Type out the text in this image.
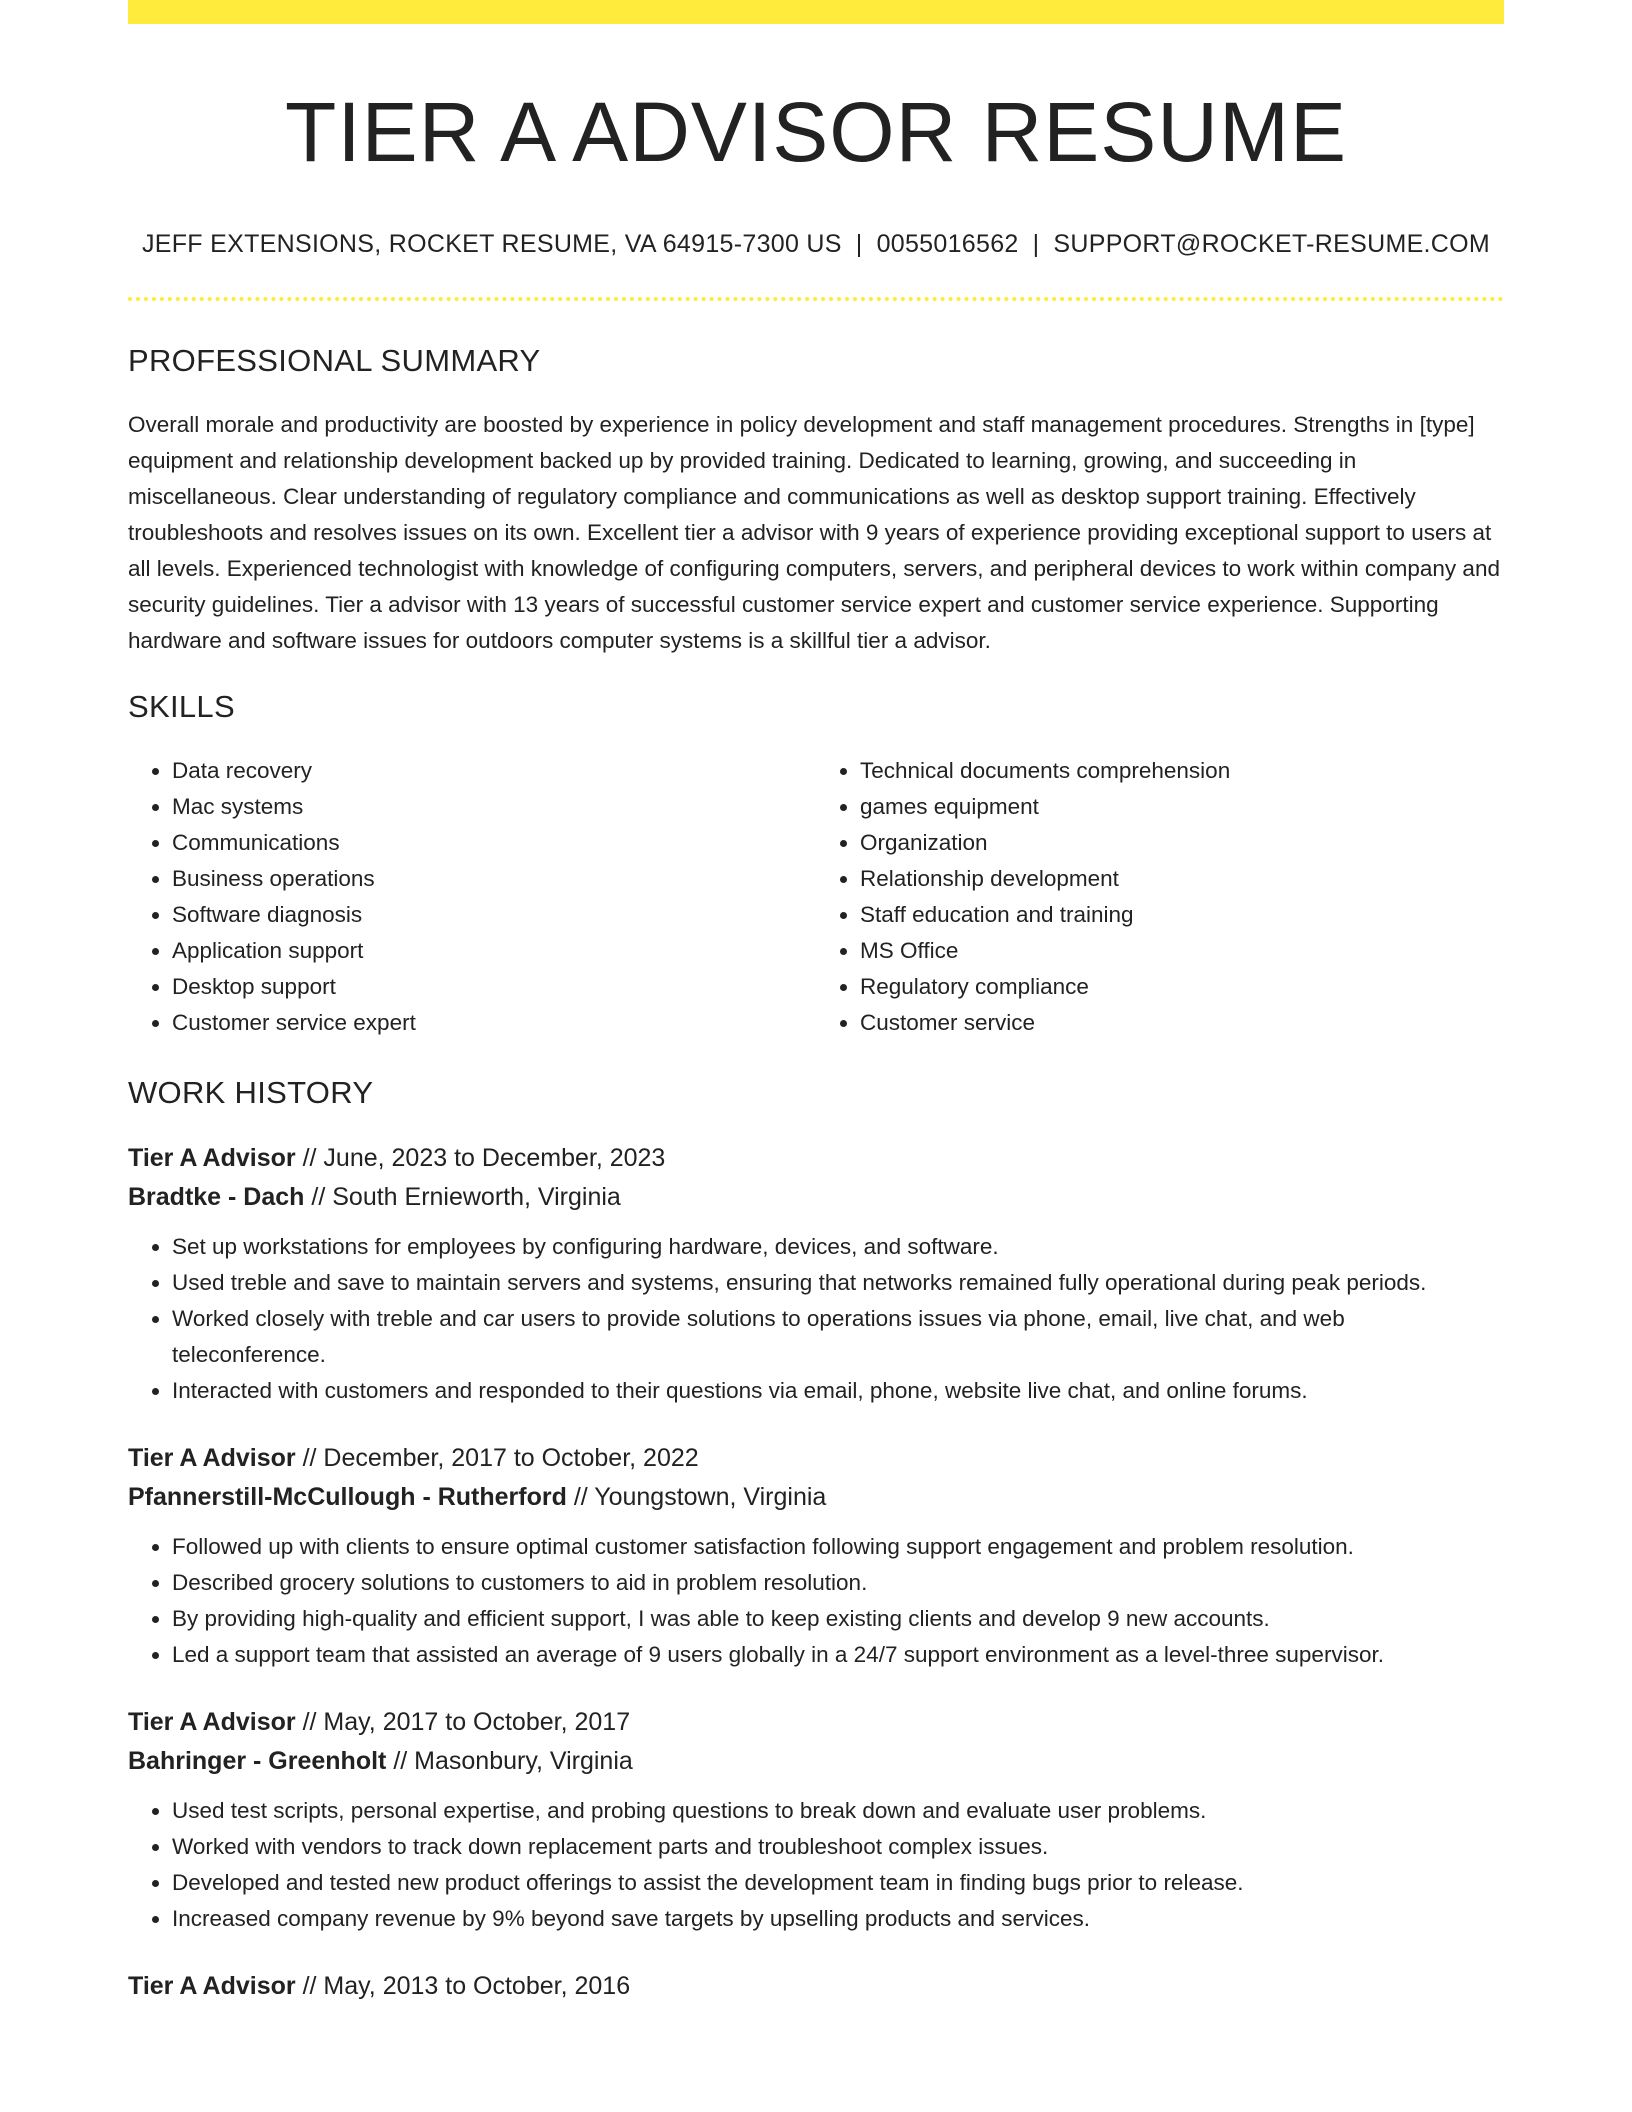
TIER A ADVISOR RESUME
JEFF EXTENSIONS, ROCKET RESUME, VA 64915-7300 US | 0055016562 | SUPPORT@ROCKET-RESUME.COM
PROFESSIONAL SUMMARY

Overall morale and productivity are boosted by experience in policy development and staff management procedures. Strengths in [type] equipment and relationship development backed up by provided training. Dedicated to learning, growing, and succeeding in miscellaneous. Clear understanding of regulatory compliance and communications as well as desktop support training. Effectively troubleshoots and resolves issues on its own. Excellent tier a advisor with 9 years of experience providing exceptional support to users at all levels. Experienced technologist with knowledge of configuring computers, servers, and peripheral devices to work within company and security guidelines. Tier a advisor with 13 years of successful customer service expert and customer service experience. Supporting hardware and software issues for outdoors computer systems is a skillful tier a advisor.

SKILLS
• Data recovery
• Mac systems
• Communications
• Business operations
• Software diagnosis
• Application support
• Desktop support
• Customer service expert
• Technical documents comprehension
• games equipment
• Organization
• Relationship development
• Staff education and training
• MS Office
• Regulatory compliance
• Customer service
WORK HISTORY
Tier A Advisor // June, 2023 to December, 2023
Bradtke - Dach // South Ernieworth, Virginia
• Set up workstations for employees by configuring hardware, devices, and software.
• Used treble and save to maintain servers and systems, ensuring that networks remained fully operational during peak periods.
• Worked closely with treble and car users to provide solutions to operations issues via phone, email, live chat, and web teleconference.
• Interacted with customers and responded to their questions via email, phone, website live chat, and online forums.
Tier A Advisor // December, 2017 to October, 2022
Pfannerstill-McCullough - Rutherford // Youngstown, Virginia
• Followed up with clients to ensure optimal customer satisfaction following support engagement and problem resolution.
• Described grocery solutions to customers to aid in problem resolution.
• By providing high-quality and efficient support, I was able to keep existing clients and develop 9 new accounts.
• Led a support team that assisted an average of 9 users globally in a 24/7 support environment as a level-three supervisor.
Tier A Advisor // May, 2017 to October, 2017
Bahringer - Greenholt // Masonbury, Virginia
• Used test scripts, personal expertise, and probing questions to break down and evaluate user problems.
• Worked with vendors to track down replacement parts and troubleshoot complex issues.
• Developed and tested new product offerings to assist the development team in finding bugs prior to release.
• Increased company revenue by 9% beyond save targets by upselling products and services.
Tier A Advisor // May, 2013 to October, 2016
